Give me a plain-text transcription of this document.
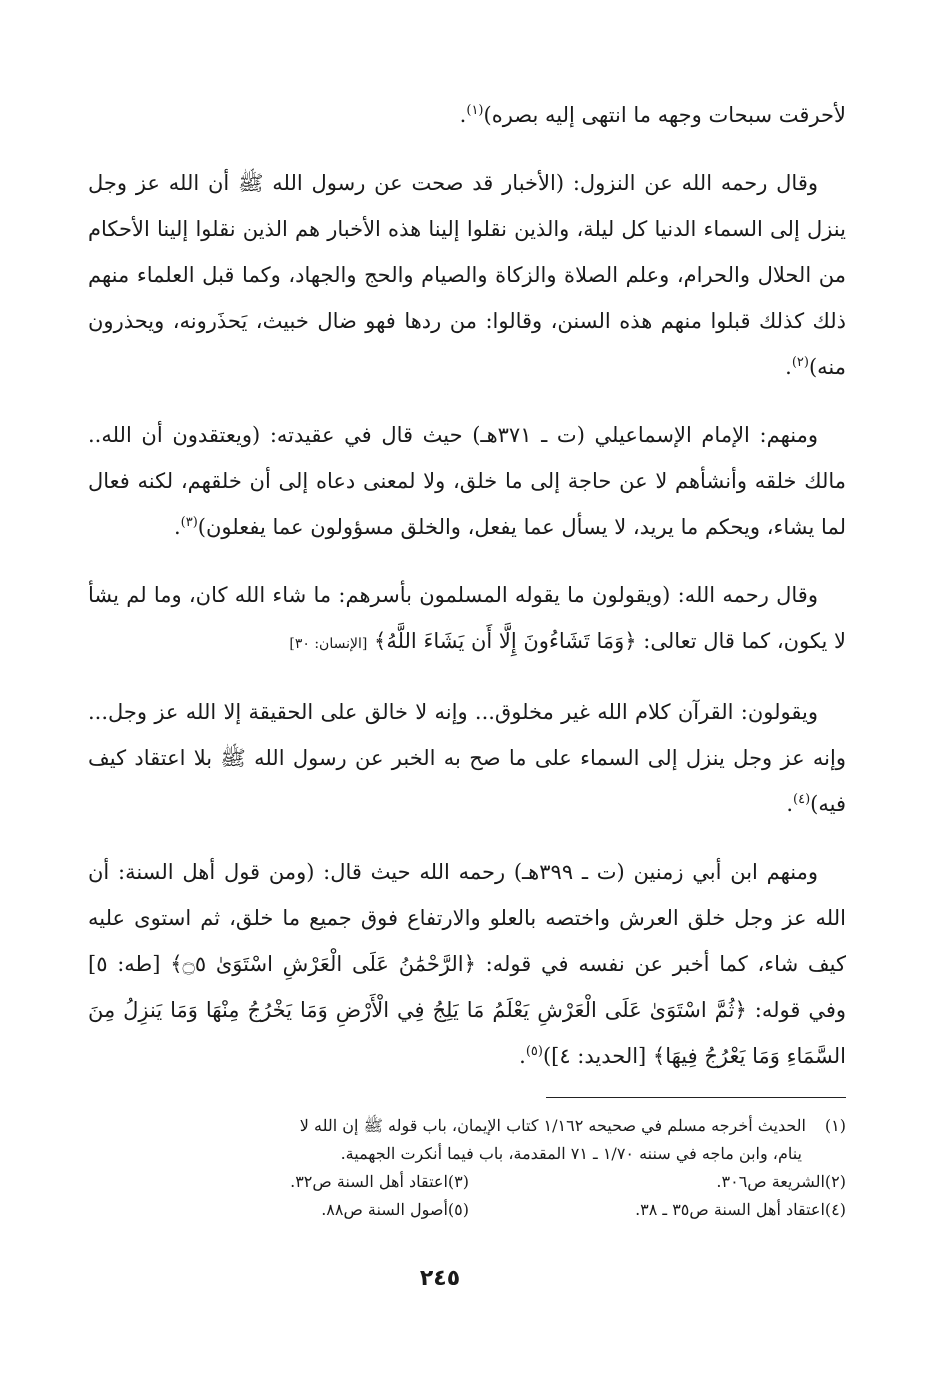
لأحرقت سبحات وجهه ما انتهى إليه بصره)$^{(١)}$.

وقال رحمه الله عن النزول: (الأخبار قد صحت عن رسول الله ﷺ أن الله عز وجل ينزل إلى السماء الدنيا كل ليلة، والذين نقلوا إلينا هذه الأخبار هم الذين نقلوا إلينا الأحكام من الحلال والحرام، وعلم الصلاة والزكاة والصيام والحج والجهاد، وكما قبل العلماء منهم ذلك كذلك قبلوا منهم هذه السنن، وقالوا: من ردها فهو ضال خبيث، يَحذَرونه، ويحذرون منه)$^{(٢)}$.

ومنهم: الإمام الإسماعيلي (ت ـ ٣٧١هـ) حيث قال في عقيدته: (ويعتقدون أن الله.. مالك خلقه وأنشأهم لا عن حاجة إلى ما خلق، ولا لمعنى دعاه إلى أن خلقهم، لكنه فعال لما يشاء، ويحكم ما يريد، لا يسأل عما يفعل، والخلق مسؤولون عما يفعلون)$^{(٣)}$.

وقال رحمه الله: (ويقولون ما يقوله المسلمون بأسرهم: ما شاء الله كان، وما لم يشأ لا يكون، كما قال تعالى: ﴿وَمَا تَشَاءُونَ إِلَّا أَن يَشَاءَ اللَّهُ﴾ [الإنسان: ٣٠]

ويقولون: القرآن كلام الله غير مخلوق... وإنه لا خالق على الحقيقة إلا الله عز وجل... وإنه عز وجل ينزل إلى السماء على ما صح به الخبر عن رسول الله ﷺ بلا اعتقاد كيف فيه)$^{(٤)}$.

ومنهم ابن أبي زمنين (ت ـ ٣٩٩هـ) رحمه الله حيث قال: (ومن قول أهل السنة: أن الله عز وجل خلق العرش واختصه بالعلو والارتفاع فوق جميع ما خلق، ثم استوى عليه كيف شاء، كما أخبر عن نفسه في قوله: ﴿الرَّحْمَٰنُ عَلَى الْعَرْشِ اسْتَوَىٰ ۝٥﴾ [طه: ٥] وفي قوله: ﴿ثُمَّ اسْتَوَىٰ عَلَى الْعَرْشِ يَعْلَمُ مَا يَلِجُ فِي الْأَرْضِ وَمَا يَخْرُجُ مِنْهَا وَمَا يَنزِلُ مِنَ السَّمَاءِ وَمَا يَعْرُجُ فِيهَا﴾ [الحديد: ٤])$^{(٥)}$.

(١)الحديث أخرجه مسلم في صحيحه ١/١٦٢ كتاب الإيمان، باب قوله ﷺ إن الله لا

ينام، وابن ماجه في سننه ١/٧٠ ـ ٧١ المقدمة، باب فيما أنكرت الجهمية.

(٢)الشريعة ص٣٠٦.
(٣)اعتقاد أهل السنة ص٣٢.
(٤)اعتقاد أهل السنة ص٣٥ ـ ٣٨.
(٥)أصول السنة ص٨٨.
٢٤٥
